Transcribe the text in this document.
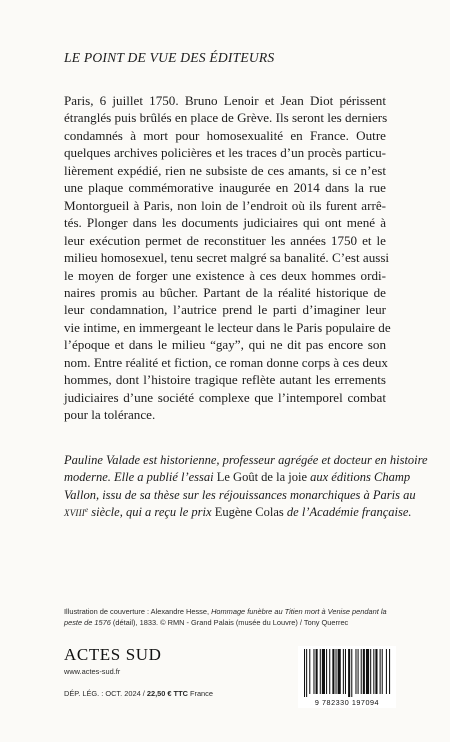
LE POINT DE VUE DES ÉDITEURS
Paris, 6 juillet 1750. Bruno Lenoir et Jean Diot périssent
étranglés puis brûlés en place de Grève. Ils seront les derniers
condamnés à mort pour homosexualité en France. Outre
quelques archives policières et les traces d’un procès particu-
lièrement expédié, rien ne subsiste de ces amants, si ce n’est
une plaque commémorative inaugurée en 2014 dans la rue
Montorgueil à Paris, non loin de l’endroit où ils furent arrê-
tés. Plonger dans les documents judiciaires qui ont mené à
leur exécution permet de reconstituer les années 1750 et le
milieu homosexuel, tenu secret malgré sa banalité. C’est aussi
le moyen de forger une existence à ces deux hommes ordi-
naires promis au bûcher. Partant de la réalité historique de
leur condamnation, l’autrice prend le parti d’imaginer leur
vie intime, en immergeant le lecteur dans le Paris populaire de
l’époque et dans le milieu “gay”, qui ne dit pas encore son
nom. Entre réalité et fiction, ce roman donne corps à ces deux
hommes, dont l’histoire tragique reflète autant les errements
judiciaires d’une société complexe que l’intemporel combat
pour la tolérance.
Pauline Valade est historienne, professeur agrégée et docteur en histoire
moderne. Elle a publié l’essai Le Goût de la joie aux éditions Champ
Vallon, issu de sa thèse sur les réjouissances monarchiques à Paris au
XVIIIe siècle, qui a reçu le prix Eugène Colas de l’Académie française.
Illustration de couverture : Alexandre Hesse, Hommage funèbre au Titien mort à Venise pendant la
peste de 1576 (détail), 1833. © RMN - Grand Palais (musée du Louvre) / Tony Querrec
ACTES SUD
www.actes-sud.fr
DÉP. LÉG. : OCT. 2024 / 22,50 € TTC France
9 782330 197094
